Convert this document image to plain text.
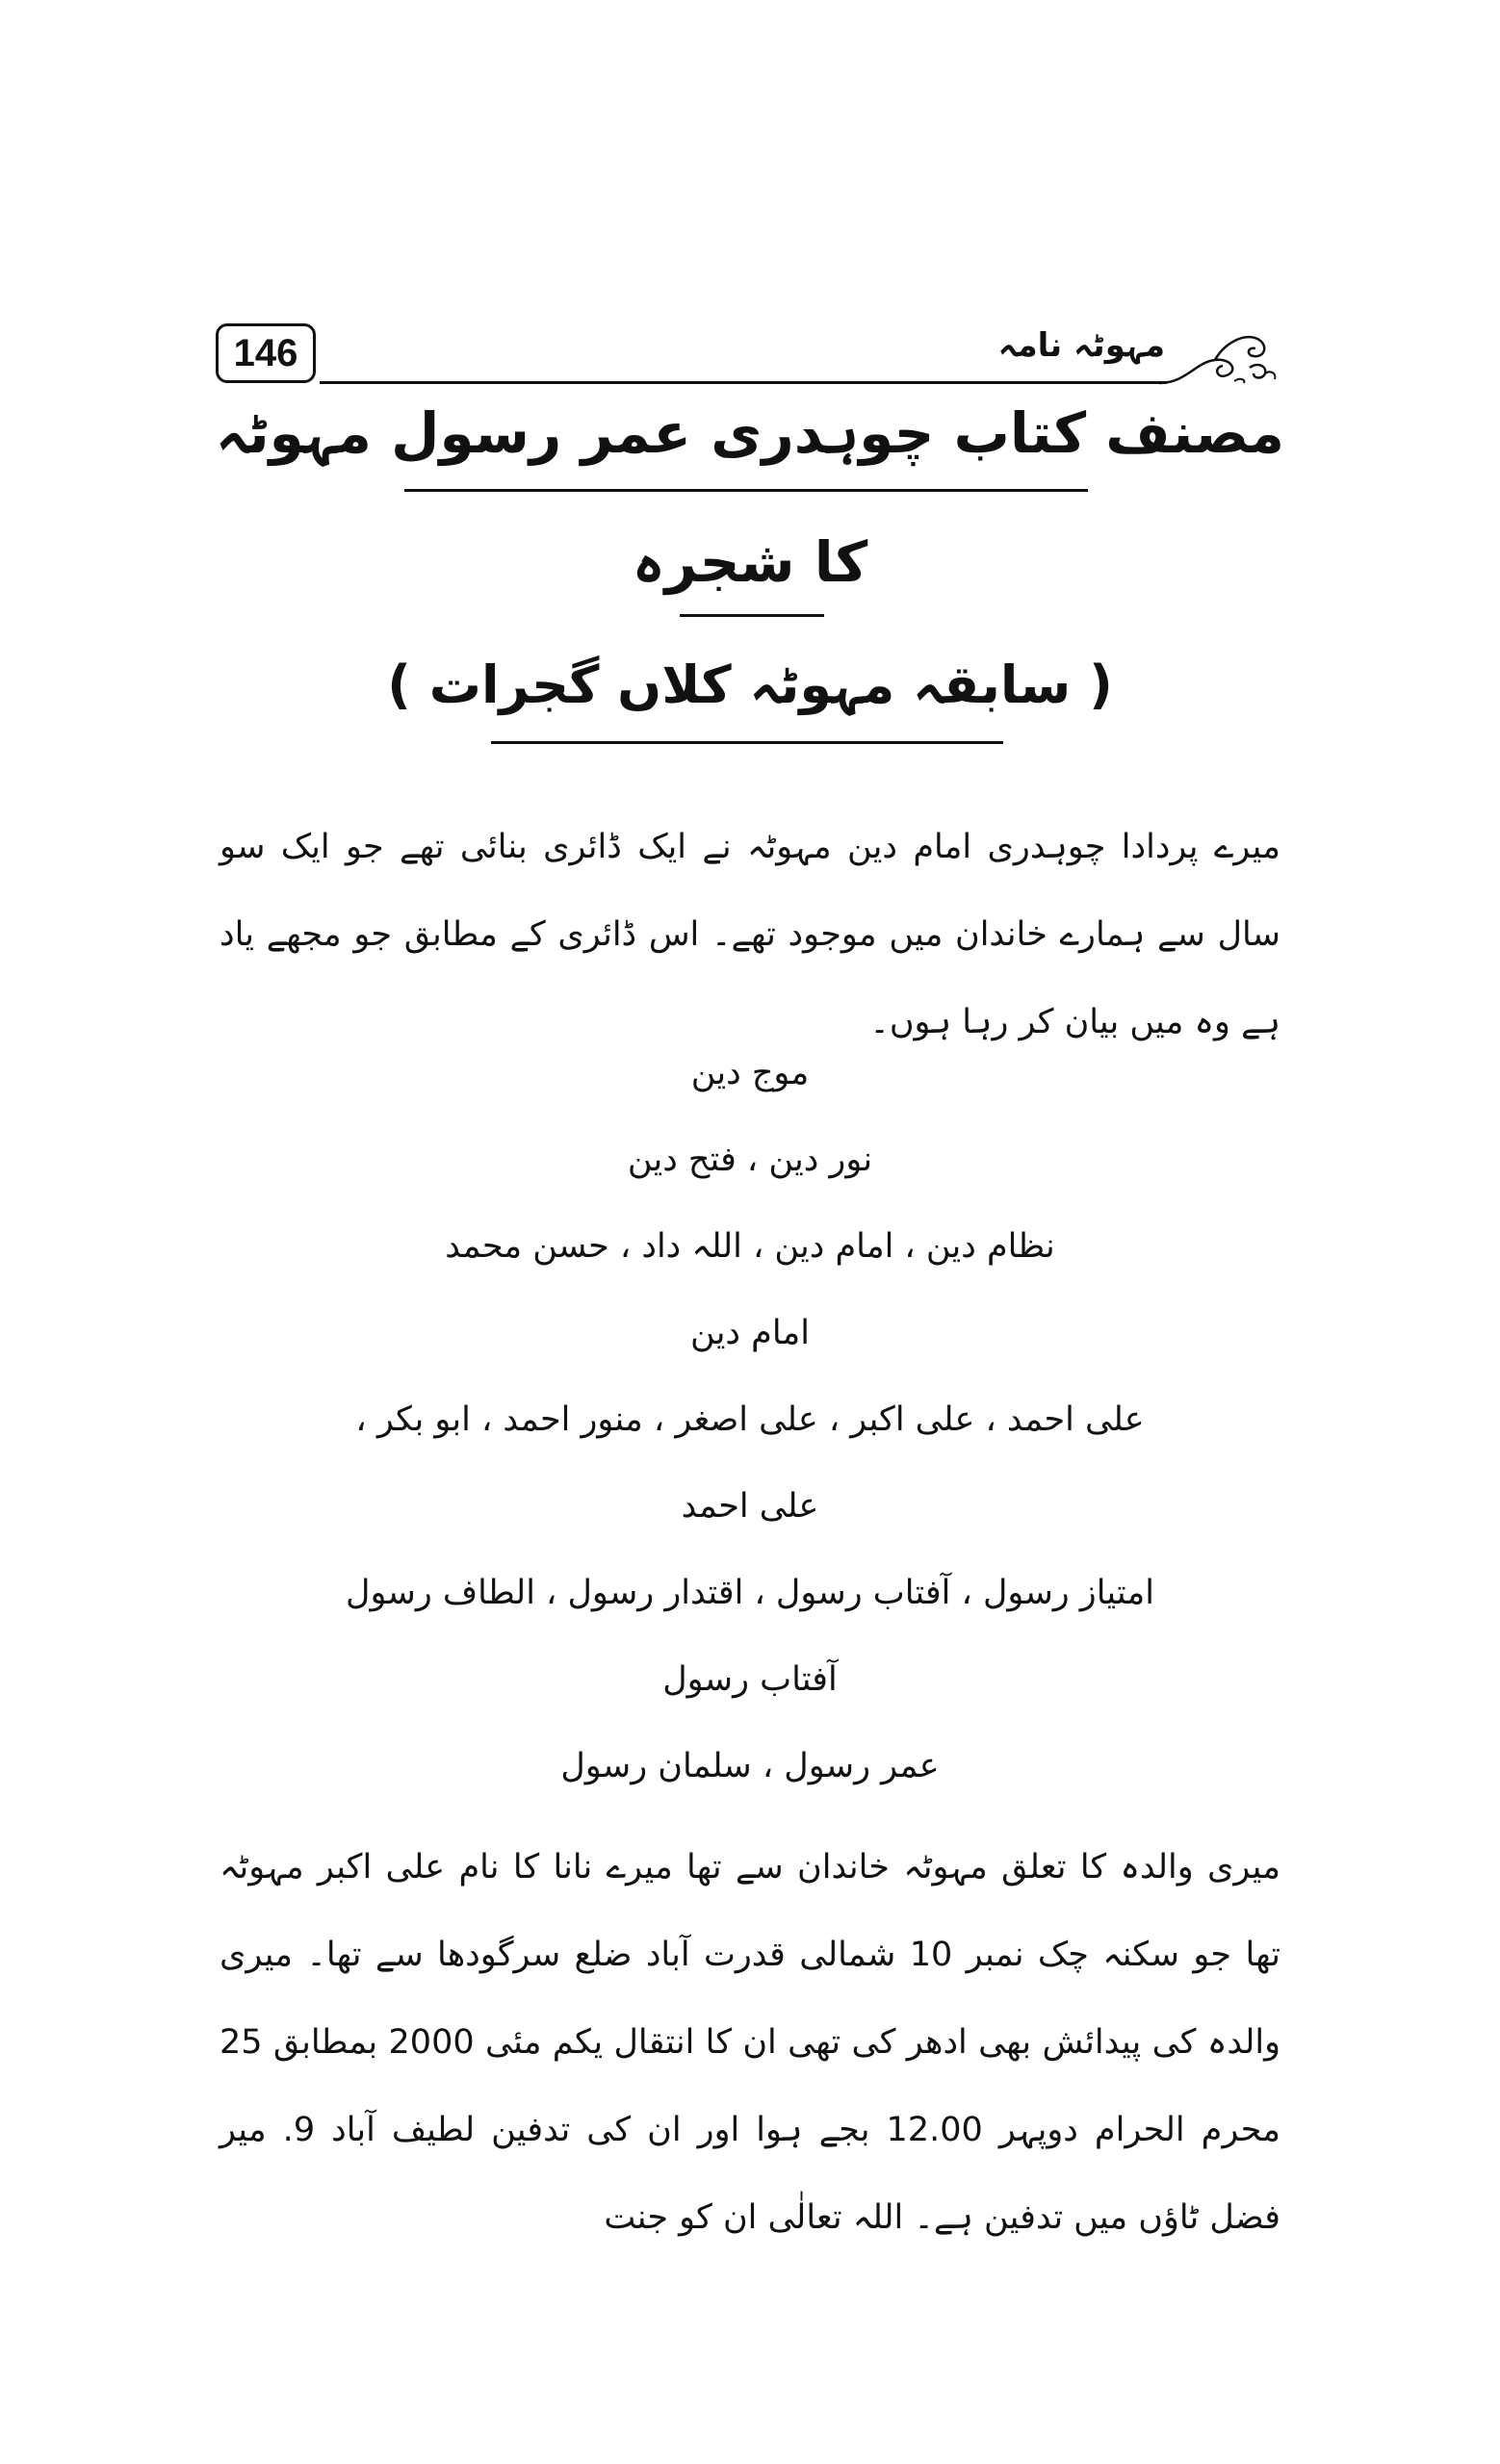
146	مہوٹہ نامہ
مصنف کتاب چوہدری عمر رسول مہوٹہ
کا شجرہ
( سابقہ مہوٹہ کلاں گجرات )

میرے پردادا چوہدری امام دین مہوٹہ نے ایک ڈائری بنائی تھے جو ایک سو سال سے ہمارے خاندان میں موجود تھے۔ اس ڈائری کے مطابق جو مجھے یاد ہے وہ میں بیان کر رہا ہوں۔

موج دین
نور دین ، فتح دین
نظام دین ، امام دین ، اللہ داد ، حسن محمد
امام دین
علی احمد ، علی اکبر ، علی اصغر ، منور احمد ، ابو بکر ،
علی احمد
امتیاز رسول ، آفتاب رسول ، اقتدار رسول ، الطاف رسول
آفتاب رسول
عمر رسول ، سلمان رسول

میری والدہ کا تعلق مہوٹہ خاندان سے تھا میرے نانا کا نام علی اکبر مہوٹہ تھا جو سکنہ چک نمبر 10 شمالی قدرت آباد ضلع سرگودھا سے تھا۔ میری والدہ کی پیدائش بھی ادھر کی تھی ان کا انتقال یکم مئی 2000 بمطابق 25 محرم الحرام دوپہر 12.00 بجے ہوا اور ان کی تدفین لطیف آباد 9. میر فضل ٹاؤں میں تدفین ہے۔ اللہ تعالٰی ان کو جنت
